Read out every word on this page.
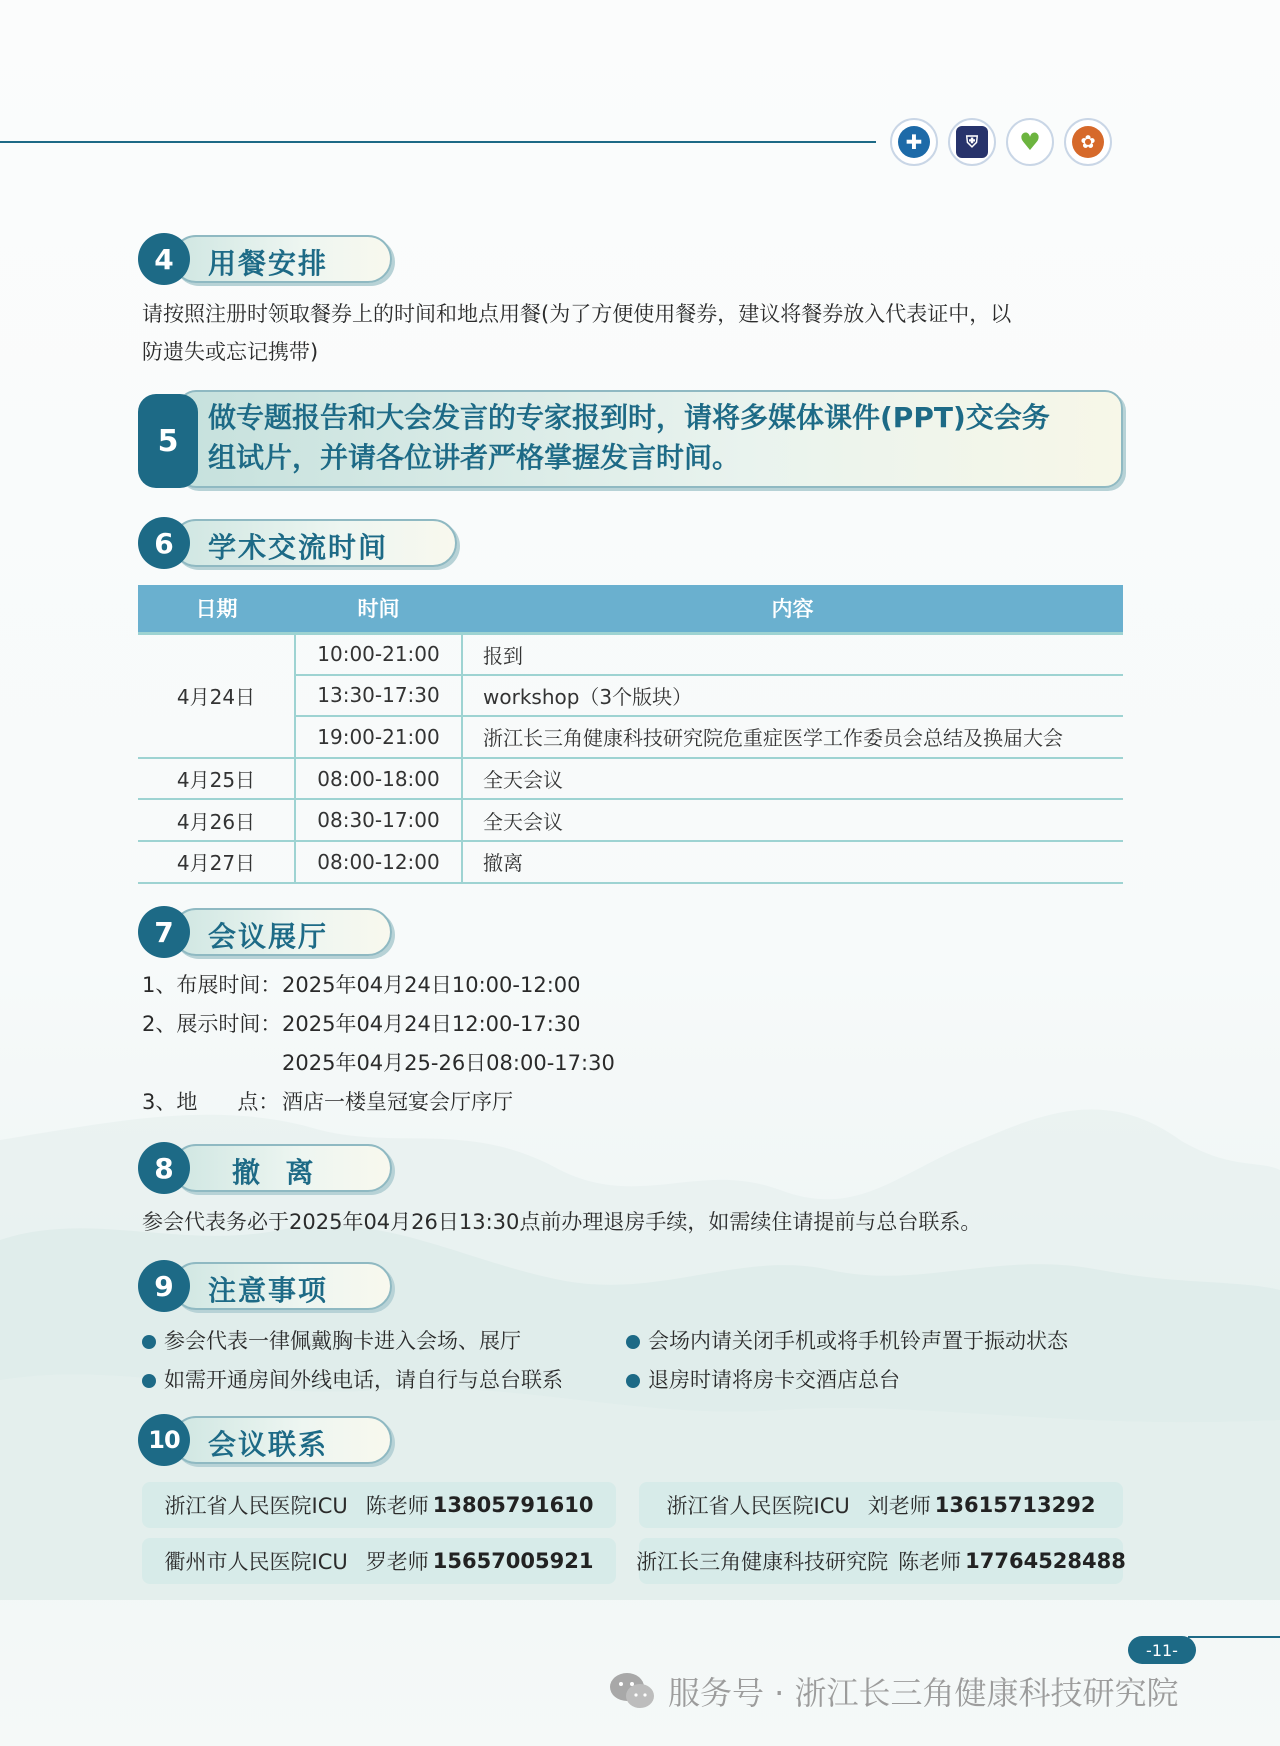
✚	⛨	♥	✿
4	用餐安排
请按照注册时领取餐券上的时间和地点用餐(为了方便使用餐券，建议将餐券放入代表证中，以
防遗失或忘记携带)
5
做专题报告和大会发言的专家报到时，请将多媒体课件(PPT)交会务
组试片，并请各位讲者严格掌握发言时间。
6	学术交流时间
日期	时间	内容
4月24日	10:00-21:00	报到
	13:30-17:30	workshop（3个版块）
	19:00-21:00	浙江长三角健康科技研究院危重症医学工作委员会总结及换届大会
4月25日	08:00-18:00	全天会议
4月26日	08:30-17:00	全天会议
4月27日	08:00-12:00	撤离
7	会议展厅
1、布展时间： 2025年04月24日10:00-12:00
2、展示时间： 2025年04月24日12:00-17:30
2025年04月25-26日08:00-17:30
3、地      点： 酒店一楼皇冠宴会厅序厅
8	撤  离
参会代表务必于2025年04月26日13:30点前办理退房手续，如需续住请提前与总台联系。
9	注意事项
参会代表一律佩戴胸卡进入会场、展厅	会场内请关闭手机或将手机铃声置于振动状态
如需开通房间外线电话，请自行与总台联系	退房时请将房卡交酒店总台
10	会议联系
浙江省人民医院ICU 陈老师 13805791610	浙江省人民医院ICU 刘老师 13615713292
衢州市人民医院ICU 罗老师 15657005921 浙江长三角健康科技研究院 陈老师 17764528488
-11-
服务号 · 浙江长三角健康科技研究院
